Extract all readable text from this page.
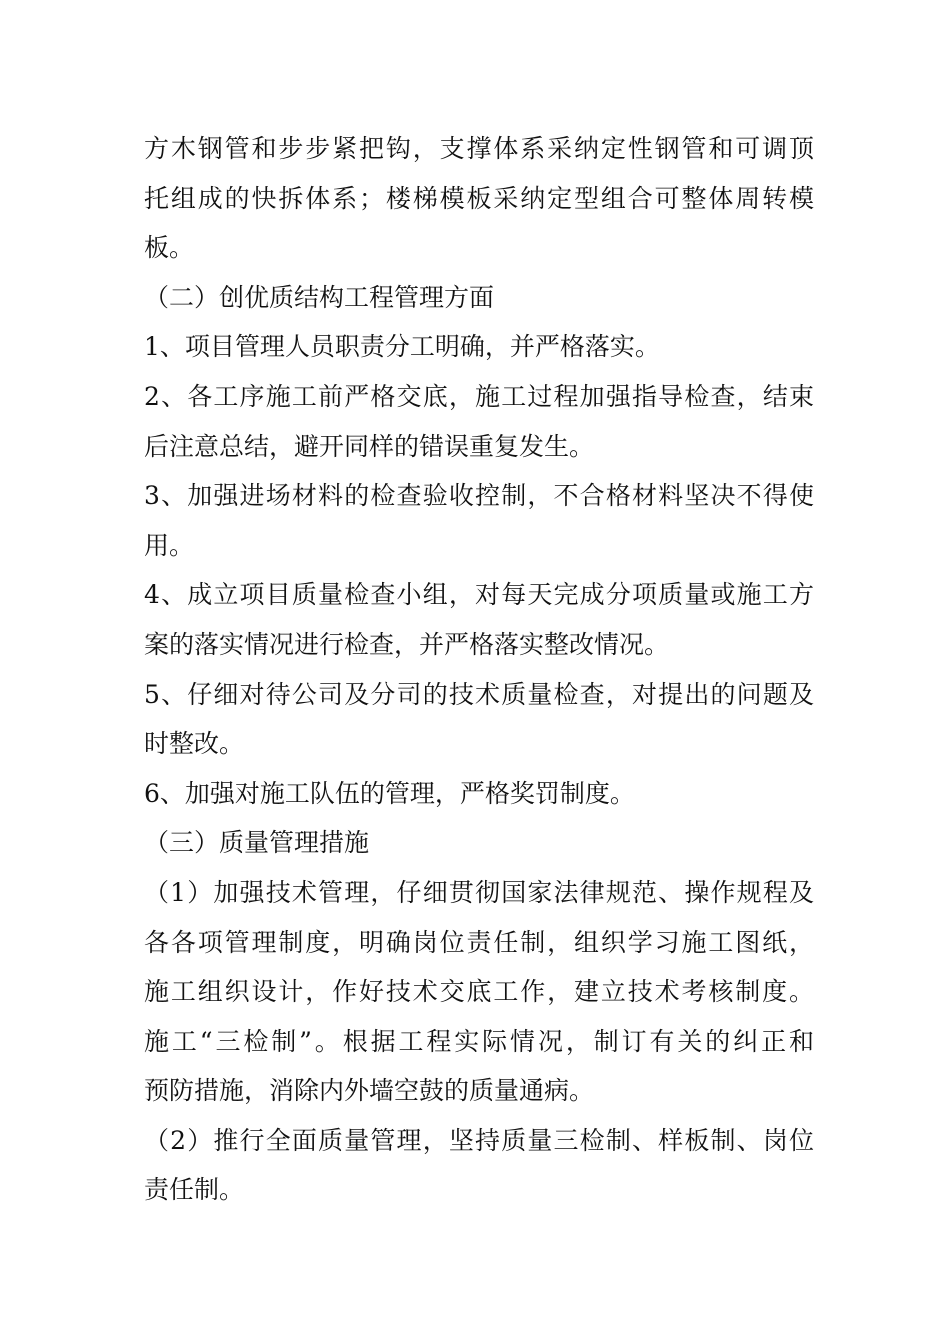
方木钢管和步步紧把钩，支撑体系采纳定性钢管和可调顶

托组成的快拆体系；楼梯模板采纳定型组合可整体周转模

板。

（二）创优质结构工程管理方面

1、项目管理人员职责分工明确，并严格落实。

2、各工序施工前严格交底，施工过程加强指导检查，结束

后注意总结，避开同样的错误重复发生。

3、加强进场材料的检查验收控制，不合格材料坚决不得使

用。

4、成立项目质量检查小组，对每天完成分项质量或施工方

案的落实情况进行检查，并严格落实整改情况。

5、仔细对待公司及分司的技术质量检查，对提出的问题及

时整改。

6、加强对施工队伍的管理，严格奖罚制度。

（三）质量管理措施

（1）加强技术管理，仔细贯彻国家法律规范、操作规程及

各各项管理制度，明确岗位责任制，组织学习施工图纸，

施工组织设计，作好技术交底工作，建立技术考核制度。

施工“三检制”。根据工程实际情况，制订有关的纠正和

预防措施，消除内外墙空鼓的质量通病。

（2）推行全面质量管理，坚持质量三检制、样板制、岗位

责任制。
